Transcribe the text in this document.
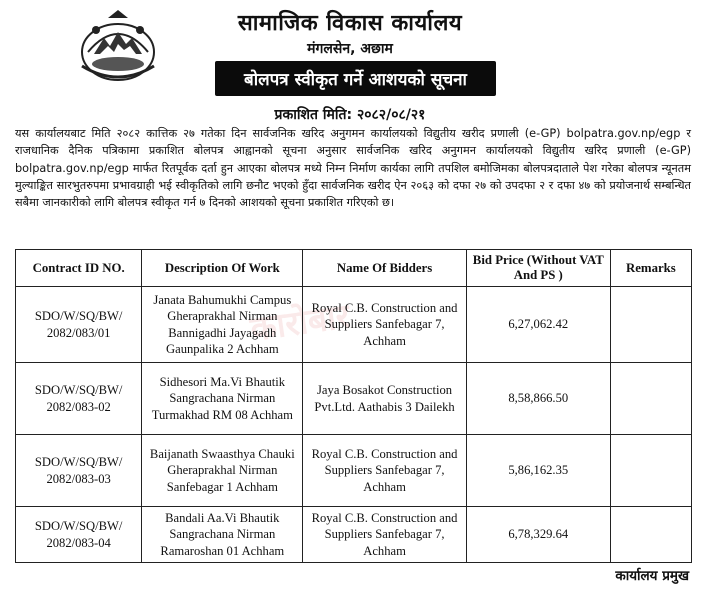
सामाजिक विकास कार्यालय
मंगलसेन, अछाम
बोलपत्र स्वीकृत गर्ने आशयको सूचना
प्रकाशित मिति: २०८२/०८/२१

यस कार्यालयबाट मिति २०८२ कात्तिक २७ गतेका दिन सार्वजनिक खरिद अनुगमन कार्यालयको विद्युतीय खरीद प्रणाली (e-GP) bolpatra.gov.np/egp र राजधानिक दैनिक पत्रिकामा प्रकाशित बोलपत्र आह्वानको सूचना अनुसार सार्वजनिक खरिद अनुगमन कार्यालयको विद्युतीय खरिद प्रणाली (e-GP) bolpatra.gov.np/egp मार्फत रितपूर्वक दर्ता हुन आएका बोलपत्र मध्ये निम्न निर्माण कार्यका लागि तपशिल बमोजिमका बोलपत्रदाताले पेश गरेका बोलपत्र न्यूनतम मुल्याङ्कित सारभुतरुपमा प्रभावग्राही भई स्वीकृतिको लागि छनौट भएको हुँदा सार्वजनिक खरीद ऐन २०६३ को दफा २७ को उपदफा २ र दफा ४७ को प्रयोजनार्थ सम्बन्धित सबैमा जानकारीको लागि बोलपत्र स्वीकृत गर्न ७ दिनको आशयको सूचना प्रकाशित गरिएको छ।

कारोबार
Contract ID NO.	Description Of Work	Name Of Bidders	Bid Price (Without VAT And PS )	Remarks
SDO/W/SQ/BW/ 2082/083/01	Janata Bahumukhi Campus Gheraprakhal Nirman Bannigadhi Jayagadh Gaunpalika 2 Achham	Royal C.B. Construction and Suppliers Sanfebagar 7, Achham	6,27,062.42	
SDO/W/SQ/BW/ 2082/083-02	Sidhesori Ma.Vi Bhautik Sangrachana Nirman Turmakhad RM 08 Achham	Jaya Bosakot Construction Pvt.Ltd. Aathabis 3 Dailekh	8,58,866.50	
SDO/W/SQ/BW/ 2082/083-03	Baijanath Swaasthya Chauki Gheraprakhal Nirman Sanfebagar 1 Achham	Royal C.B. Construction and Suppliers Sanfebagar 7, Achham	5,86,162.35	
SDO/W/SQ/BW/ 2082/083-04	Bandali Aa.Vi Bhautik Sangrachana Nirman Ramaroshan 01 Achham	Royal C.B. Construction and Suppliers Sanfebagar 7, Achham	6,78,329.64	
कार्यालय प्रमुख
